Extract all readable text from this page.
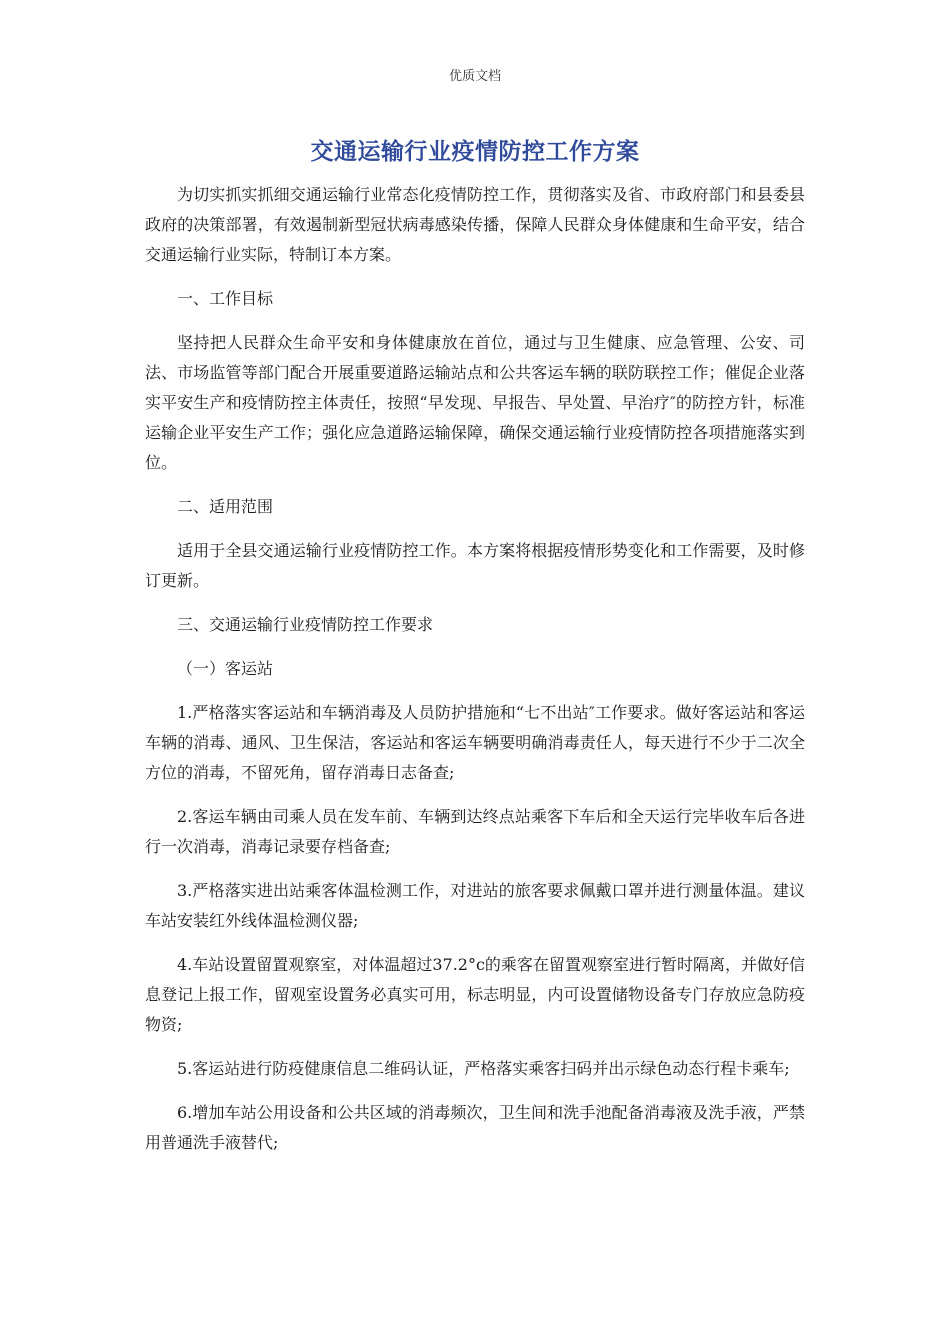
优质文档
交通运输行业疫情防控工作方案

为切实抓实抓细交通运输行业常态化疫情防控工作，贯彻落实及省、市政府部门和县委县政府的决策部署，有效遏制新型冠状病毒感染传播，保障人民群众身体健康和生命平安，结合交通运输行业实际，特制订本方案。

一、工作目标

坚持把人民群众生命平安和身体健康放在首位，通过与卫生健康、应急管理、公安、司法、市场监管等部门配合开展重要道路运输站点和公共客运车辆的联防联控工作；催促企业落实平安生产和疫情防控主体责任，按照“早发现、早报告、早处置、早治疗″的防控方针，标准运输企业平安生产工作；强化应急道路运输保障，确保交通运输行业疫情防控各项措施落实到位。

二、适用范围

适用于全县交通运输行业疫情防控工作。本方案将根据疫情形势变化和工作需要，及时修订更新。

三、交通运输行业疫情防控工作要求

（一）客运站

1.严格落实客运站和车辆消毒及人员防护措施和“七不出站″工作要求。做好客运站和客运车辆的消毒、通风、卫生保洁，客运站和客运车辆要明确消毒责任人，每天进行不少于二次全方位的消毒，不留死角，留存消毒日志备查;

2.客运车辆由司乘人员在发车前、车辆到达终点站乘客下车后和全天运行完毕收车后各进行一次消毒，消毒记录要存档备查;

3.严格落实进出站乘客体温检测工作，对进站的旅客要求佩戴口罩并进行测量体温。建议车站安装红外线体温检测仪器;

4.车站设置留置观察室，对体温超过37.2°c的乘客在留置观察室进行暂时隔离，并做好信息登记上报工作，留观室设置务必真实可用，标志明显，内可设置储物设备专门存放应急防疫物资;

5.客运站进行防疫健康信息二维码认证，严格落实乘客扫码并出示绿色动态行程卡乘车;

6.增加车站公用设备和公共区域的消毒频次，卫生间和洗手池配备消毒液及洗手液，严禁用普通洗手液替代;
